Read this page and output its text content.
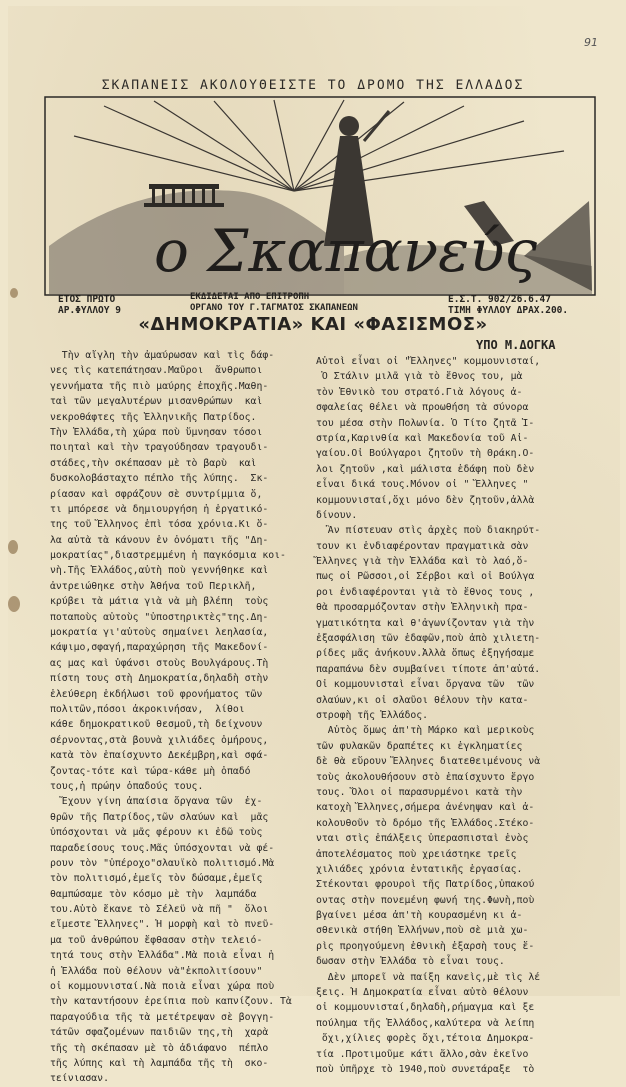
91
ΣΚΑΠΑΝΕΙΣ ΑΚΟΛΟΥΘΕΙΣΤΕ ΤΟ ΔΡΟΜΟ ΤΗΣ ΕΛΛΑΔΟΣ
ο Σκαπανεύς
ΕΤΟΣ ΠΡΩΤΟ
ΑΡ.ΦΥΛΛΟΥ 9
ΕΚΔΙΔΕΤΑΙ ΑΠΟ ΕΠΙΤΡΟΠΗ
ΟΡΓΑΝΟ ΤΟΥ Γ.ΤΑΓΜΑΤΟΣ ΣΚΑΠΑΝΕΩΝ
Ε.Σ.Τ. 902/26.6.47
ΤΙΜΗ ΦΥΛΛΟΥ ΔΡΑΧ.200.
«ΔΗΜΟΚΡΑΤΙΑ» ΚΑΙ «ΦΑΣΙΣΜΟΣ»
ΥΠΟ Μ.ΔΟΓΚΑ
Τὴν αἴγλη τὴν ἀμαύρωσαν καὶ τὶς δάφ-
νες τὶς κατεπάτησαν.Μαῦροι  ἄνθρωποι
γεννήματα τῆς πιὸ μαύρης ἐποχῆς.Μαθη-
ταὶ τῶν μεγαλυτέρων μισανθρώπων  καὶ
νεκροθάφτες τῆς Ἑλληνικῆς Πατρίδος.
Τὴν Ἑλλάδα,τὴ χώρα ποὺ ὕμνησαν τόσοι
ποιηταὶ καὶ τὴν τραγούδησαν τραγουδι-
στάδες,τὴν σκέπασαν μὲ τὸ βαρὺ  καὶ
δυσκολοβάσταχτο πέπλο τῆς λύπης.  Σκ-
ρίασαν καὶ σφράζουν σὲ συντρίμμια ὅ,
τι μπόρεσε νὰ δημιουργήση ἡ ἐργατικό-
της τοῦ Ἕλληνος ἐπὶ τόσα χρόνια.Κι ὅ-
λα αὐτὰ τὰ κάνουν ἐν ὀνόματι τῆς "Δη-
μοκρατίας",διαστρεμμένη ἡ παγκόσμια κοι-
νὴ.Τῆς Ἑλλάδος,αὐτὴ ποὺ γεννήθηκε καὶ
ἀντρειώθηκε στὴν Ἀθήνα τοῦ Περικλῆ,
κρύβει τὰ μάτια γιὰ νὰ μὴ βλέπη  τοὺς
ποταποὺς αὐτοὺς "ὑποστηρικτὲς"της.Δη-
μοκρατία γι'αὐτοὺς σημαίνει λεηλασία,
κάψιμο,σφαγή,παραχώρηση τῆς Μακεδονί-
ας μας καὶ ὑφάνσι στοὺς Βουλγάρους.Τὴ
πίστη τους στὴ Δημοκρατία,δηλαδὴ στὴν
ἐλεύθερη ἐκδήλωσι τοῦ φρονήματος τῶν
πολιτῶν,πόσοι ἀκροκινήσαν,  λίθοι
κάθε δημοκρατικοῦ θεσμοῦ,τὴ δείχνουν
σέρνοντας,στὰ βουνὰ χιλιάδες ὁμήρους,
κατὰ τὸν ἑπαίσχυντο Δεκέμβρη,καὶ σφά-
ζοντας-τότε καὶ τώρα-κάθε μὴ ὁπαδό
τους,ἡ πρώην ὀπαδούς τους.
Ἔχουν γίνη ἀπαίσια ὄργανα τῶν  ἐχ-
θρῶν τῆς Πατρίδος,τῶν σλαύων καὶ  μᾶς
ὑπόσχονται νὰ μᾶς φέρουν κι ἐδῶ τοὺς
παραδείσους τους.Μᾶς ὑπόσχονται νὰ φέ-
ρουν τὸν "ὑπέροχο"σλαυϊκὸ πολιτισμό.Μὰ
τὸν πολιτισμό,ἐμεῖς τὸν δώσαμε,ἐμεῖς
θαμπώσαμε τὸν κόσμο μὲ τὴν  λαμπάδα
του.Αὐτὸ ἔκανε τὸ Σέλεϋ νὰ πῆ "  ὅλοι
εἴμεστε Ἕλληνες". Ἡ μορφὴ καὶ τὸ πνεῦ-
μα τοῦ ἀνθρώπου ἔφθασαν στὴν τελειό-
τητά τους στὴν Ἑλλάδα".Μὰ ποιὰ εἶναι ἡ
ἡ Ἑλλάδα ποὺ θέλουν νὰ"ἐκπολιτίσουν"
οἱ κομμουνισταί.Νὰ ποιὰ εἶναι χώρα ποὺ
τὴν καταντήσουν ἐρείπια ποὺ καπνίζουν. Τὰ
παραγούδια τῆς τὰ μετέτρεψαν σὲ βογγη-
τάτῶν σφαζομένων παιδιῶν της,τὴ  χαρὰ
τῆς τὴ σκέπασαν μὲ τὸ ἀδιάφανο  πέπλο
τῆς λύπης καὶ τὴ λαμπάδα τῆς τὴ  σκο-
τείνιασαν.
Αὐτοὶ εἶναι οἱ "Ἕλληνες" κομμουνισταί,
Ὁ Στάλιν μιλᾶ γιὰ τὸ ἔθνος του, μὰ
τὸν Ἐθνικὸ του στρατό.Γιὰ λόγους ἀ-
σφαλείας θέλει νὰ προωθήση τὰ σύνορα
του μέσα στὴν Πολωνία. Ὁ Τίτο ζητᾶ Ἰ-
στρία,Καρινθία καὶ Μακεδονία τοῦ Αἰ-
γαίου.Οἱ Βούλγαροι ζητοῦν τὴ Θράκη.Ο-
λοι ζητοῦν ,καὶ μάλιστα ἐδάφη ποὺ δὲν
εἶναι δικά τους.Μόνον οἱ " Ἕλληνες "
κομμουνισταί,ὄχι μόνο δὲν ζητοῦν,ἀλλὰ
δίνουν.
Ἂν πίστευαν στὶς ἀρχὲς ποὺ διακηρύτ-
τουν κι ἐνδιαφέρονταν πραγματικὰ σὰν
Ἕλληνες γιὰ τὴν Ἑλλάδα καὶ τὸ λαό,ὅ-
πως οἱ Ρῶσσοι,οἱ Σέρβοι καὶ οἱ Βούλγα
ροι ἐνδιαφέρονται γιὰ τὸ ἔθνος τους ,
θὰ προσαρμόζονταν στὴν Ἑλληνικὴ πρα-
γματικότητα καὶ θ'ἀγωνίζονταν γιὰ τὴν
ἐξασφάλιση τῶν ἐδαφῶν,ποὺ ἀπὸ χιλιετη-
ρίδες μᾶς ἀνήκουν.Ἀλλὰ ὅπως ἐξηγήσαμε
παραπάνω δὲν συμβαίνει τίποτε ἀπ'αὐτά.
Οἱ κομμουνισταὶ εἶναι ὄργανα τῶν  τῶν
σλαύων,κι οἱ σλαῦοι θέλουν τὴν κατα-
στροφὴ τῆς Ἑλλάδος.
Αὐτὸς ὅμως ἀπ'τὴ Μάρκο καὶ μερικοὺς
τῶν φυλακῶν δραπέτες κι ἐγκληματίες
δὲ θὰ εὕρουν Ἕλληνες διατεθειμένους νὰ
τοὺς ἀκολουθήσουν στὸ ἑπαίσχυντο ἔργο
τους. Ὅλοι οἱ παρασυρμένοι κατὰ τὴν
κατοχὴ Ἕλληνες,σήμερα ἀνένηψαν καὶ ἀ-
κολουθοῦν τὸ δρόμο τῆς Ἑλλάδος.Στέκο-
νται στὶς ἐπάλξεις ὑπερασπισταὶ ἑνὸς
ἀποτελέσματος ποὺ χρειάστηκε τρεῖς
χιλιάδες χρόνια ἐντατικῆς ἐργασίας.
Στέκονται φρουροὶ τῆς Πατρίδος,ὑπακού
οντας στὴν πονεμένη φωνή της.Φωνὴ,ποὺ
βγαίνει μέσα ἀπ'τὴ κουρασμένη κι ἀ-
σθενικὰ στήθη Ἑλλήνων,ποὺ σὲ μιὰ χω-
ρὶς προηγούμενη ἐθνικὴ ἐξαρσὴ τους ἔ-
δωσαν στὴν Ἑλλάδα τὸ εἶναι τους.
Δὲν μπορεῖ νὰ παίξη κανεὶς,μὲ τὶς λέ
ξεις. Ἡ Δημοκρατία εἶναι αὐτὸ θέλουν
οἱ κομμουνισταί,δηλαδὴ,ρήμαγμα καὶ ξε
πούλημα τῆς Ἑλλάδος,καλύτερα νὰ λείπη
ὄχι,χίλιες φορὲς ὄχι,τέτοια Δημοκρα-
τία .Προτιμοῦμε κάτι ἄλλο,σὰν ἐκεῖνο
ποὺ ὑπῆρχε τὸ 1940,ποὺ συνετάραξε  τὸ
